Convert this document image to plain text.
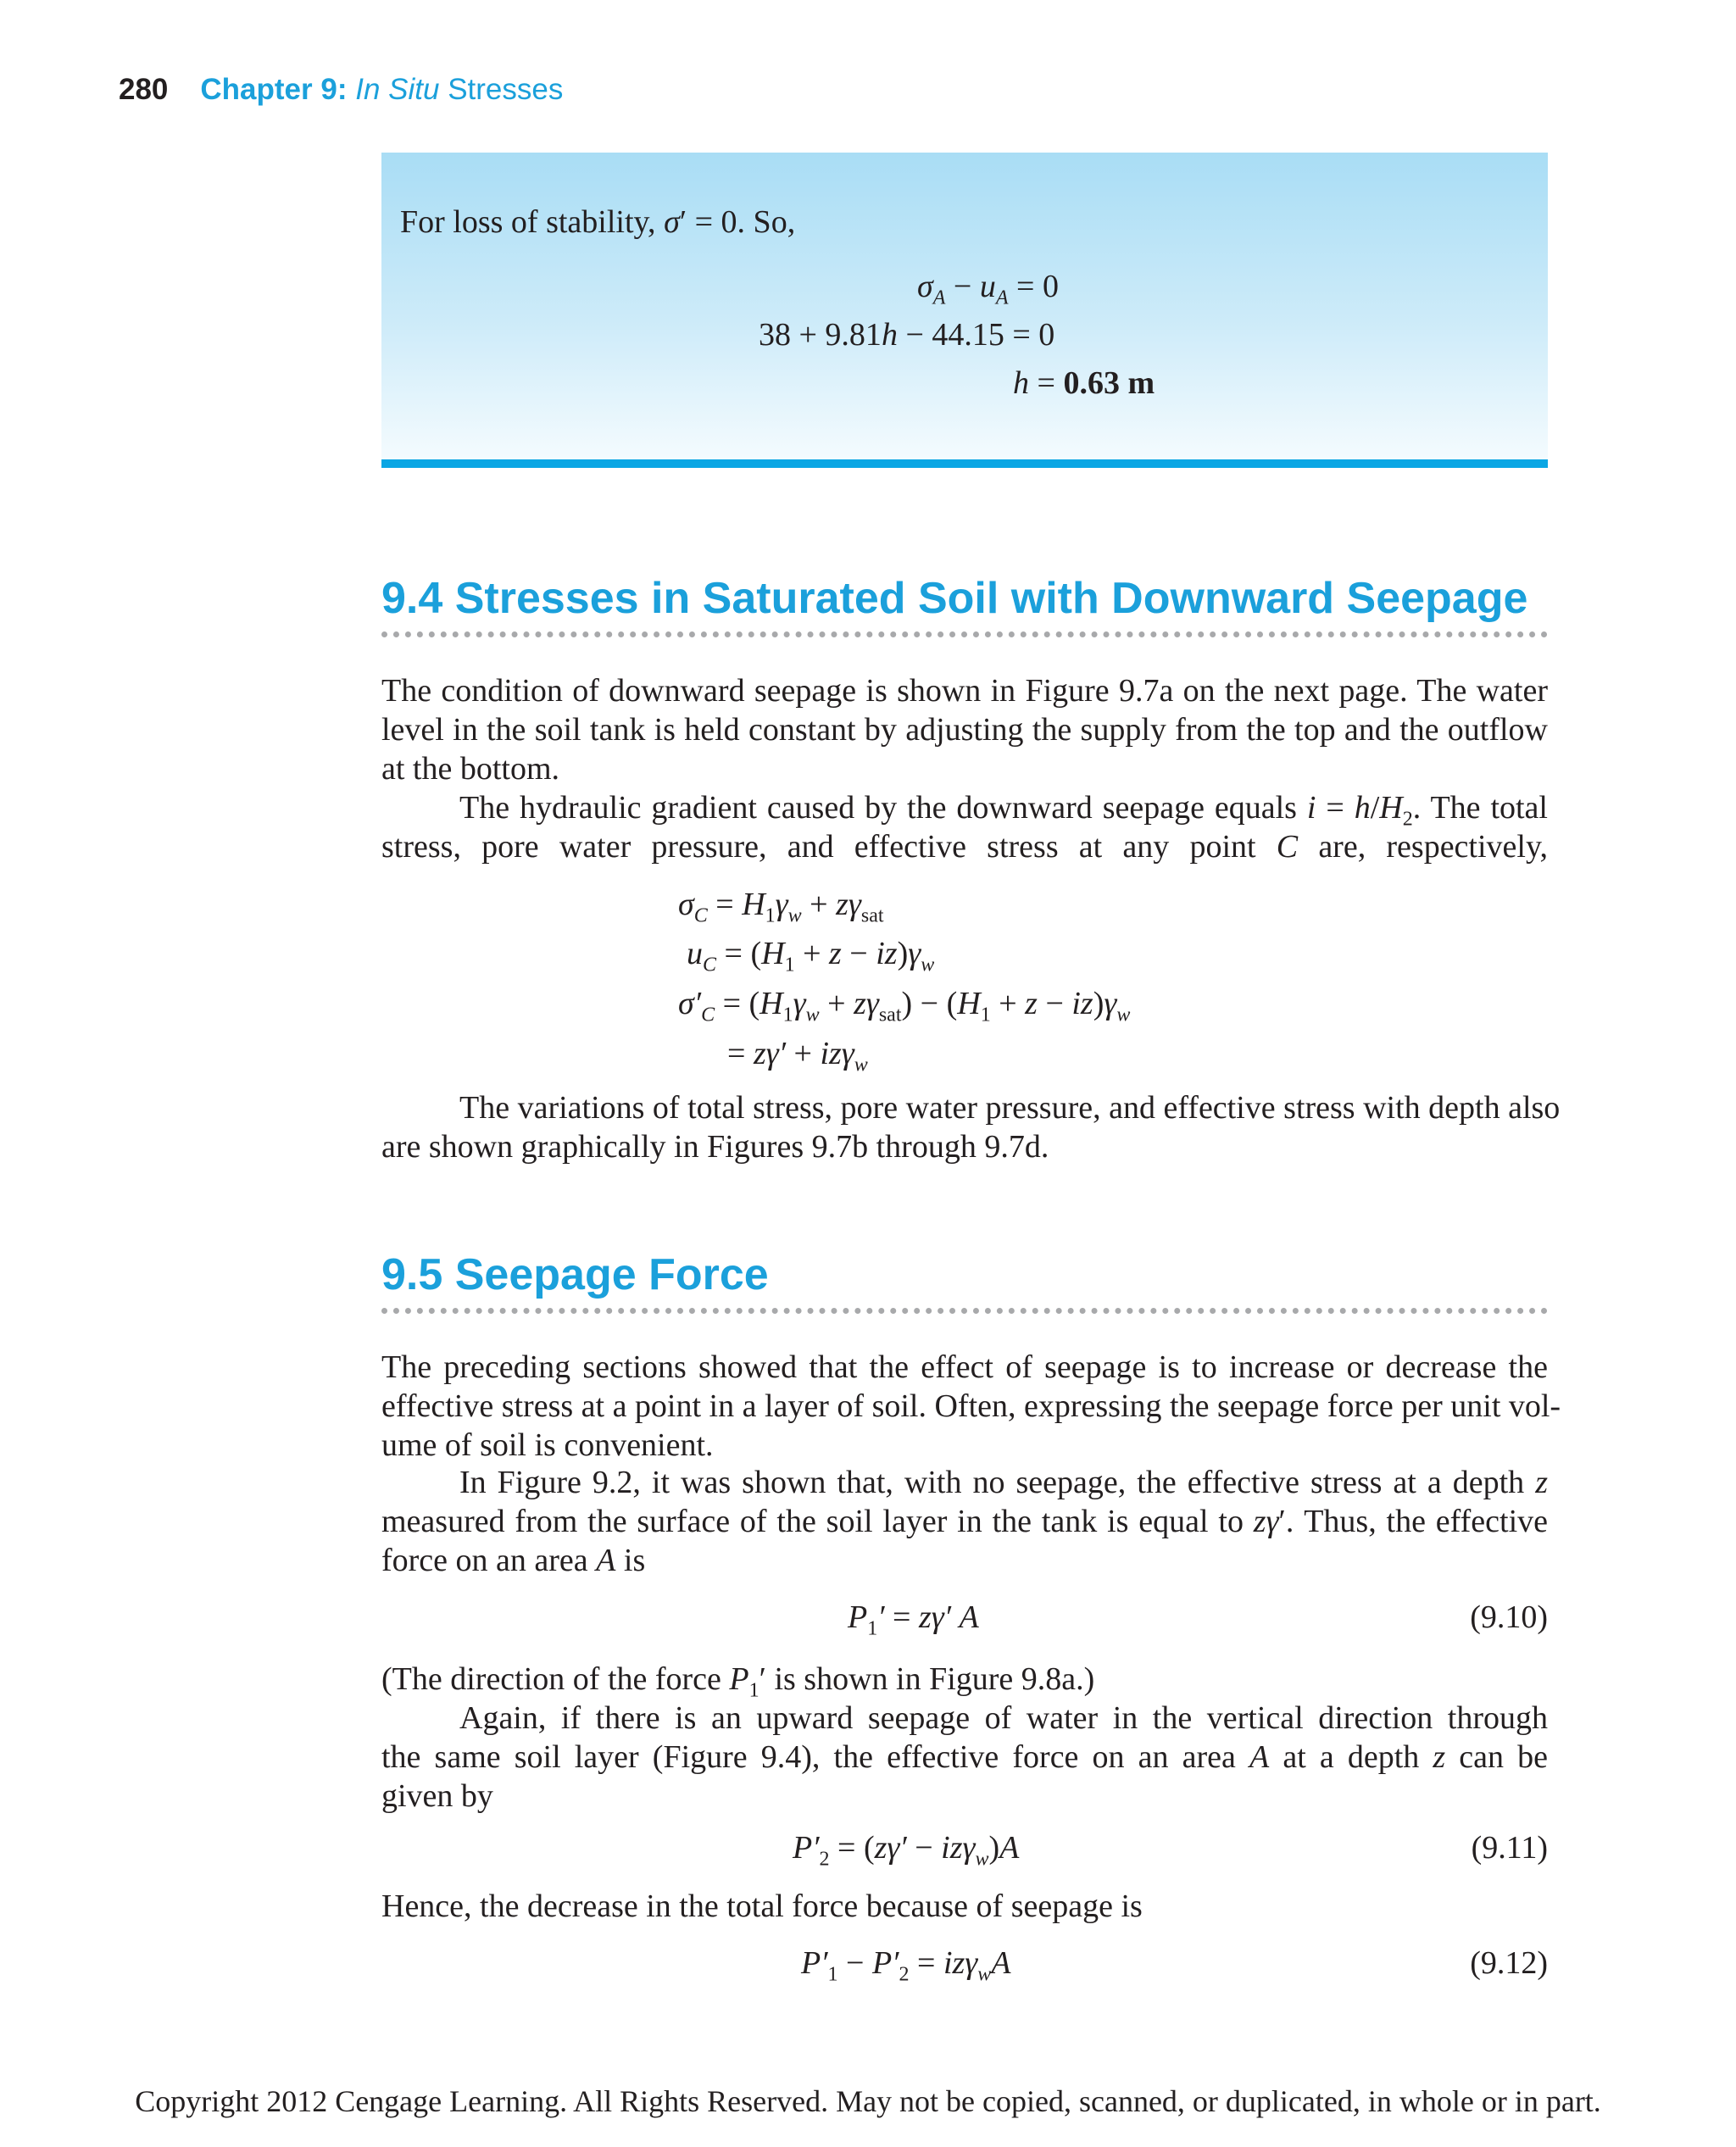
280 Chapter 9: In Situ Stresses
For loss of stability, σ′ = 0. So,
$\sigma_A - u_A = 0$
38 + 9.81h − 44.15 = 0
h = 0.63 m
9.4 Stresses in Saturated Soil with Downward Seepage
The condition of downward seepage is shown in Figure 9.7a on the next page. The water
level in the soil tank is held constant by adjusting the supply from the top and the outflow
at the bottom.
The hydraulic gradient caused by the downward seepage equals $i = h/H_2$. The total
stress, pore water pressure, and effective stress at any point C are, respectively,
$\sigma_C = H_1\gamma_w + z\gamma_{sat}$
$u_C = (H_1 + z - iz)\gamma_w$
$\sigma'_C = (H_1\gamma_w + z\gamma_{sat}) - (H_1 + z - iz)\gamma_w$
= zγ′ + izγ$_w$
The variations of total stress, pore water pressure, and effective stress with depth also
are shown graphically in Figures 9.7b through 9.7d.
9.5 Seepage Force
The preceding sections showed that the effect of seepage is to increase or decrease the
effective stress at a point in a layer of soil. Often, expressing the seepage force per unit vol-
ume of soil is convenient.
In Figure 9.2, it was shown that, with no seepage, the effective stress at a depth z
measured from the surface of the soil layer in the tank is equal to zγ′. Thus, the effective
force on an area A is
$P_1' = z\gamma'$ A	(9.10)
(The direction of the force $P_1'$ is shown in Figure 9.8a.)
Again, if there is an upward seepage of water in the vertical direction through
the same soil layer (Figure 9.4), the effective force on an area A at a depth z can be
given by
$P'_2 = (z\gamma' - iz\gamma_w)A$	(9.11)
Hence, the decrease in the total force because of seepage is
$P'_1 - P'_2 = iz\gamma_wA$	(9.12)
Copyright 2012 Cengage Learning. All Rights Reserved. May not be copied, scanned, or duplicated, in whole or in part.
